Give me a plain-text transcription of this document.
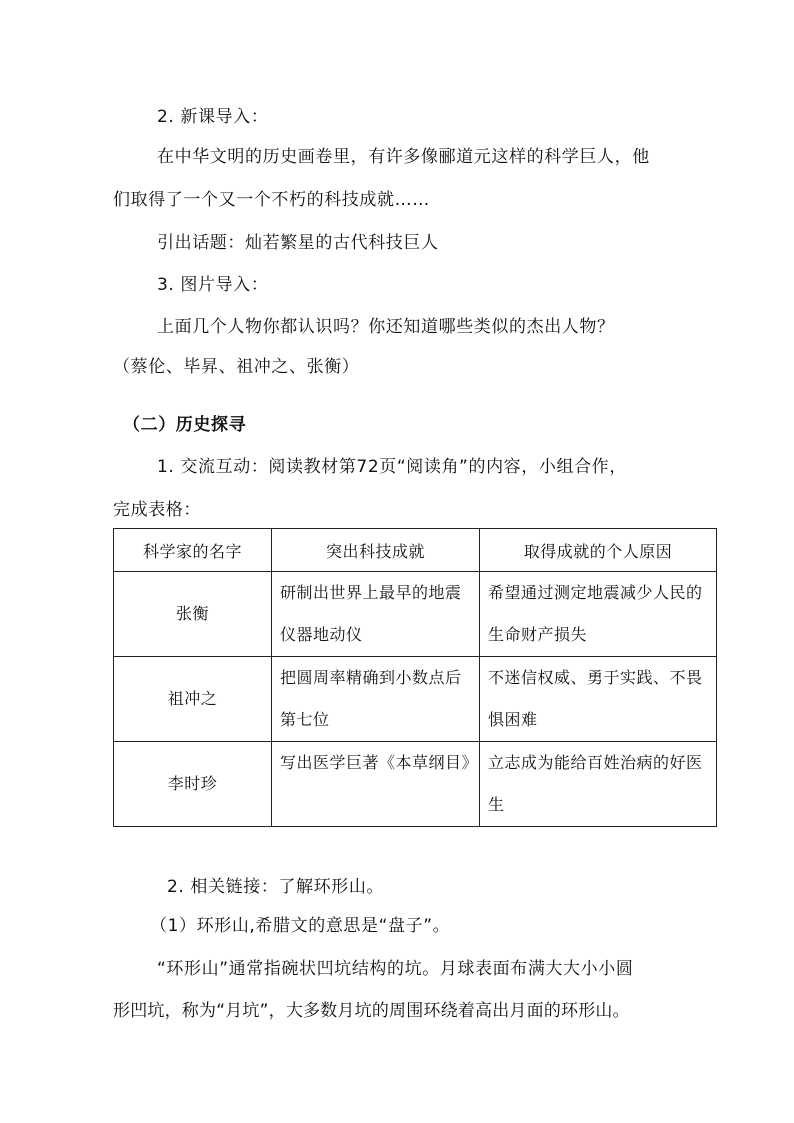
2. 新课导入：
在中华文明的历史画卷里，有许多像郦道元这样的科学巨人，他
们取得了一个又一个不朽的科技成就……
引出话题：灿若繁星的古代科技巨人
3. 图片导入：
上面几个人物你都认识吗？你还知道哪些类似的杰出人物？
（蔡伦、毕昇、祖冲之、张衡）
（二）历史探寻
1. 交流互动：阅读教材第72页“阅读角”的内容，小组合作，
完成表格：
科学家的名字	突出科技成就	取得成就的个人原因
张衡	研制出世界上最早的地震仪器地动仪	希望通过测定地震减少人民的生命财产损失
祖冲之	把圆周率精确到小数点后第七位	不迷信权威、勇于实践、不畏惧困难
李时珍	写出医学巨著《本草纲目》	立志成为能给百姓治病的好医生
2. 相关链接：了解环形山。
（1）环形山,希腊文的意思是“盘子”。
“环形山”通常指碗状凹坑结构的坑。月球表面布满大大小小圆
形凹坑，称为“月坑”，大多数月坑的周围环绕着高出月面的环形山。
